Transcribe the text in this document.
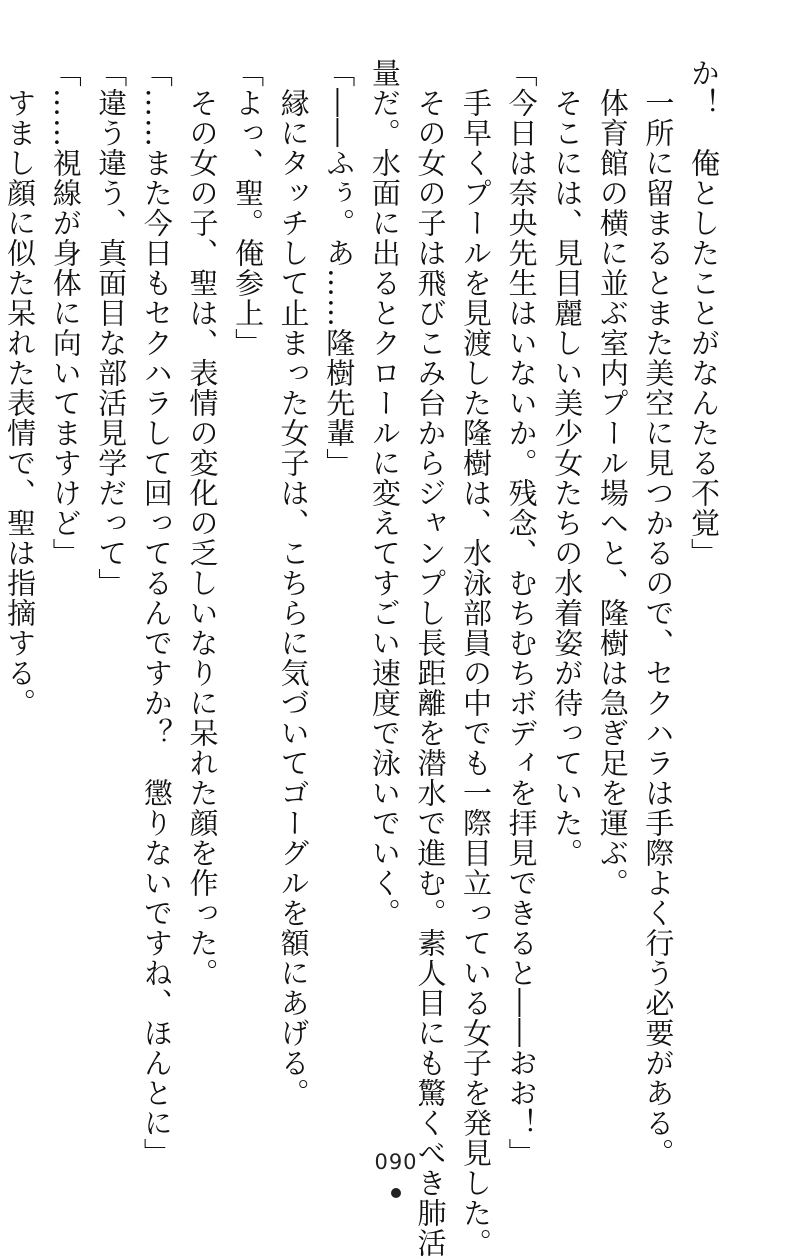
か！　俺としたことがなんたる不覚」
　一所に留まるとまた美空に見つかるので、セクハラは手際よく行う必要がある。
　体育館の横に並ぶ室内プール場へと、隆樹は急ぎ足を運ぶ。
　そこには、見目麗しい美少女たちの水着姿が待っていた。
「今日は奈央先生はいないか。残念、むちむちボディを拝見できると――おお！」
　手早くプールを見渡した隆樹は、水泳部員の中でも一際目立っている女子を発見した。
　その女の子は飛びこみ台からジャンプし長距離を潜水で進む。素人目にも驚くべき肺活
量だ。水面に出るとクロールに変えてすごい速度で泳いでいく。
「――ふぅ。あ……隆樹先輩」
　縁にタッチして止まった女子は、こちらに気づいてゴーグルを額にあげる。
「よっ、聖。俺参上」
　その女の子、聖は、表情の変化の乏しいなりに呆れた顔を作った。
「……また今日もセクハラして回ってるんですか？　懲りないですね、ほんとに」
「違う違う、真面目な部活見学だって」
「……視線が身体に向いてますけど」
　すまし顔に似た呆れた表情で、聖は指摘する。
090
